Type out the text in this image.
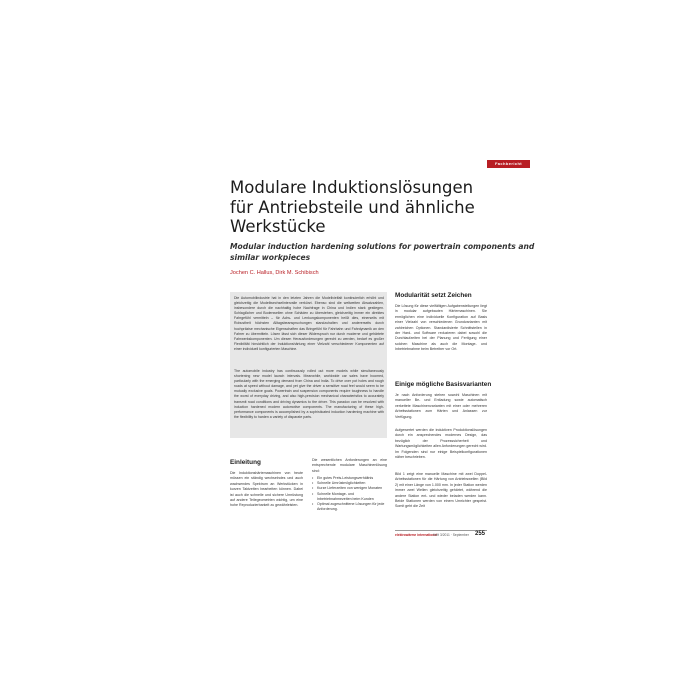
Fachbericht
Modulare Induktionslösungen
für Antriebsteile und ähnliche
Werkstücke
Modular induction hardening solutions for powertrain components and
similar workpieces
Jochen C. Hallus, Dirk M. Schibisch

Die Automobilindustrie hat in den letzten Jahren die Modellvielfalt kontinuierlich erhöht und gleichzeitig die Modellwechselintervalle verkürzt. Ebenso sind die weltweiten Absatzzahlen, insbesondere durch die nachhaltig hohe Nachfrage in China und Indien stark gestiegen. Schlaglöcher und Bodenwellen ohne Schäden zu überstehen, gleichzeitig immer ein direktes Fahrgefühl vermitteln – für Achs- und Lenkungskomponenten heißt dies, einerseits mit Robustheit höchsten Alltagsbeanspruchungen standzuhalten und andererseits durch hochpräzise mechanische Eigenschaften das Bringefühl für Fahrbahn und Fahrdynamik an den Fahrer zu übermitteln. Lösen lässt sich dieser Widerspruch nur durch moderne und gehärtete Fahrwerkskomponenten. Um diesen Herausforderungen gerecht zu werden, bedarf es großer Flexibilität hinsichtlich der Induktionshärtung einer Vielzahl verschiedener Komponenten auf einer individuell konfigurierten Maschine.

The automobile industry has continuously rolled out more models while simultaneously shortening new model launch intervals. Meanwhile, worldwide car sales have boomed, particularly with the emerging demand from China and India. To drive over pot holes and rough roads at speed without damage, and yet give the driver a sensitive road feel would seem to be mutually exclusive goals. Powertrain and suspension components require toughness to handle the worst of everyday driving, and also high-precision mechanical characteristics to accurately transmit road conditions and driving dynamics to the driver. This paradox can be resolved with induction hardened modern automotive components. The manufacturing of these high-performance components is accomplished by a sophisticated induction hardening machine with the flexibility to harden a variety of disparate parts.

Einleitung

Die Induktionshärtemaschinen von heute müssen ein ständig wechselndes und auch wachsendes Spektrum an Werkstücken in kurzen Taktzeiten bearbeiten können. Dabei ist auch die schnelle und sichere Umrüstung auf andere Teilegeometrien wichtig, um eine hohe Reproduzierbarkeit zu gewährleisten.

Die wesentlichen Anforderungen an eine entsprechende modulare Maschinenlösung sind:

• Ein gutes Preis-Leistungsverhältnis
• Schnelle Umrüstmöglichkeiten
• Kurze Lieferzeiten von wenigen Monaten
• Schnelle Montage- und Inbetriebnahmezeiten beim Kunden
• Optimal zugeschnittene Lösungen für jede Anforderung.
Modularität setzt Zeichen

Die Lösung für diese vielfältigen Aufgabenstellungen liegt in modular aufgebauten Härtemaschinen. Sie ermöglichen eine individuelle Konfiguration auf Basis einer Vielzahl von verschiedenen Grundvarianten mit zahlreichen Optionen. Standardisierte Schnittstellen in der Hard- und Software reduzieren dabei sowohl die Durchlaufzeiten bei der Planung und Fertigung einer solchen Maschine als auch die Montage- und Inbetriebnahme beim Betreiber vor Ort.

Einige mögliche Basisvarianten

Je nach Anforderung stehen sowohl Maschinen mit manueller Be- und Entladung sowie automatisch verkettete Maschinenvarianten mit einer oder mehreren Arbeitsstationen zum Härten und Anlassen zur Verfügung.

Aufgewertet werden die induktiven Produktionslösungen durch ein ansprechendes modernes Design, das bezüglich der Prozesssicherheit und Wartungsmöglichkeiten allen Anforderungen gerecht wird. Im Folgenden sind nur einige Beispielkonfigurationen näher beschrieben.

Bild 1 zeigt eine manuelle Maschine mit zwei Doppel-Arbeitsstationen für die Härtung von Antriebswellen (Bild 2) mit einer Länge von 1.000 mm. In jeder Station werden immer zwei Wellen gleichzeitig gehärtet, während die andere Station ent- und wieder beladen werden kann. Beide Stationen werden von einem Umrichter gespeist. Somit geht die Zeit

elektrowärme international
Heft 3/2011 · September 255
